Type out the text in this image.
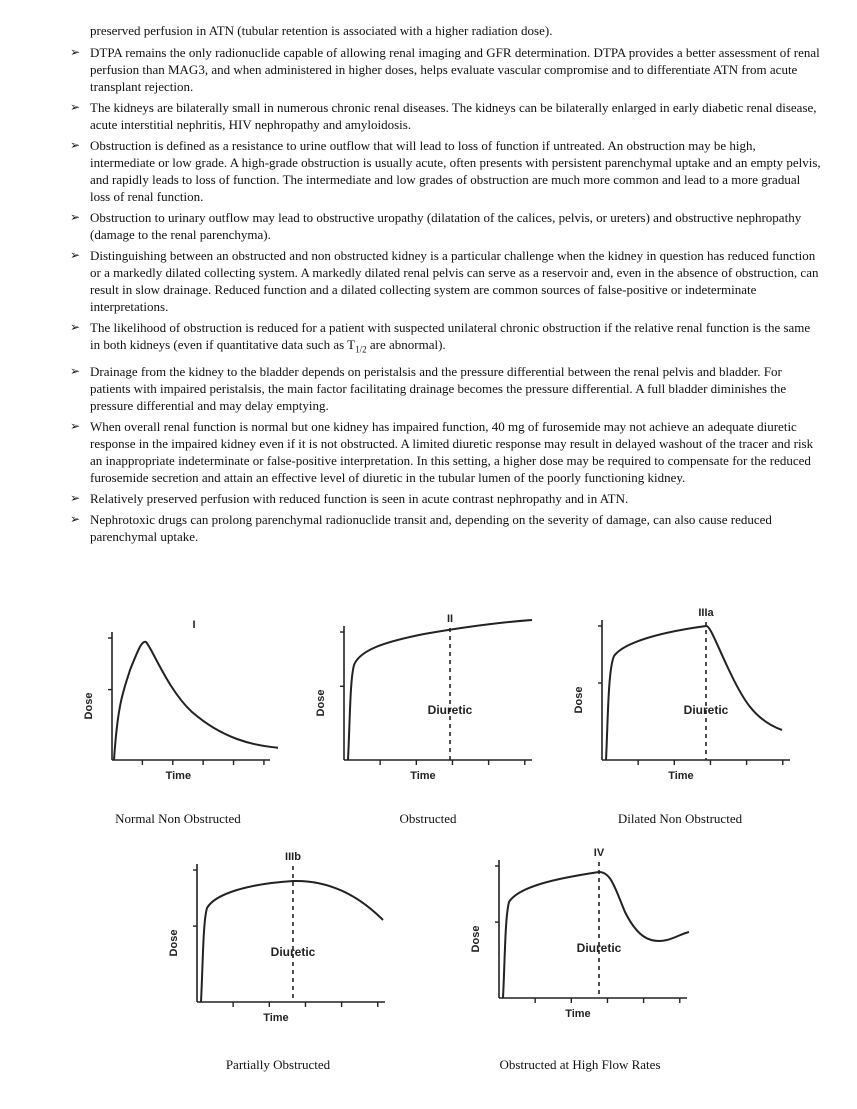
preserved perfusion in ATN (tubular retention is associated with a higher radiation dose).

➢ DTPA remains the only radionuclide capable of allowing renal imaging and GFR determination. DTPA provides a better assessment of renal perfusion than MAG3, and when administered in higher doses, helps evaluate vascular compromise and to differentiate ATN from acute transplant rejection.
➢ The kidneys are bilaterally small in numerous chronic renal diseases. The kidneys can be bilaterally enlarged in early diabetic renal disease, acute interstitial nephritis, HIV nephropathy and amyloidosis.
➢ Obstruction is defined as a resistance to urine outflow that will lead to loss of function if untreated. An obstruction may be high, intermediate or low grade. A high-grade obstruction is usually acute, often presents with persistent parenchymal uptake and an empty pelvis, and rapidly leads to loss of function. The intermediate and low grades of obstruction are much more common and lead to a more gradual loss of renal function.
➢ Obstruction to urinary outflow may lead to obstructive uropathy (dilatation of the calices, pelvis, or ureters) and obstructive nephropathy (damage to the renal parenchyma).
➢ Distinguishing between an obstructed and non obstructed kidney is a particular challenge when the kidney in question has reduced function or a markedly dilated collecting system. A markedly dilated renal pelvis can serve as a reservoir and, even in the absence of obstruction, can result in slow drainage. Reduced function and a dilated collecting system are common sources of false-positive or indeterminate interpretations.
➢ The likelihood of obstruction is reduced for a patient with suspected unilateral chronic obstruction if the relative renal function is the same in both kidneys (even if quantitative data such as $T_{1/2}$ are abnormal).
➢ Drainage from the kidney to the bladder depends on peristalsis and the pressure differential between the renal pelvis and bladder. For patients with impaired peristalsis, the main factor facilitating drainage becomes the pressure differential. A full bladder diminishes the pressure differential and may delay emptying.
➢ When overall renal function is normal but one kidney has impaired function, 40 mg of furosemide may not achieve an adequate diuretic response in the impaired kidney even if it is not obstructed. A limited diuretic response may result in delayed washout of the tracer and risk an inappropriate indeterminate or false-positive interpretation. In this setting, a higher dose may be required to compensate for the reduced furosemide secretion and attain an effective level of diuretic in the tubular lumen of the poorly functioning kidney.
➢ Relatively preserved perfusion with reduced function is seen in acute contrast nephropathy and in ATN.
➢ Nephrotoxic drugs can prolong parenchymal radionuclide transit and, depending on the severity of damage, can also cause reduced parenchymal uptake.
Dose
Time
I
Normal Non Obstructed
Dose
Time
II
Diuretic
Obstructed
Dose
Time
IIIa
Diuretic
Dilated Non Obstructed
Dose
Time
IIIb
Diuretic
Partially Obstructed
Dose
Time
IV
Diuretic
Obstructed at High Flow Rates
